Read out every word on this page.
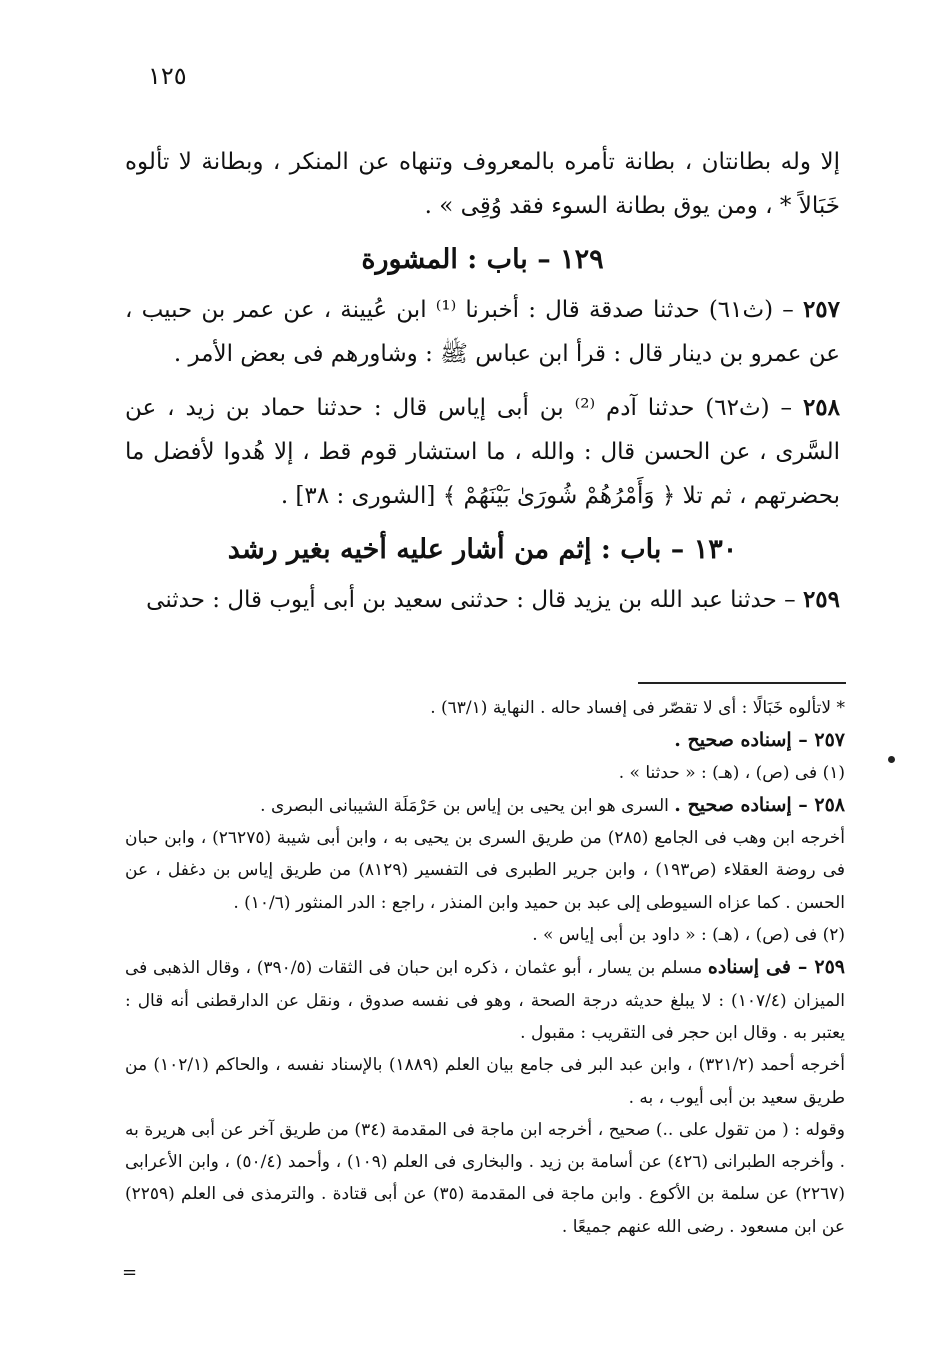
١٢٥

إلا وله بطانتان ، بطانة تأمره بالمعروف وتنهاه عن المنكر ، وبطانة لا تألوه خَبَالاً * ، ومن يوق بطانة السوء فقد وُقِى » .

١٢٩ – باب : المشورة

٢٥٧ – (ث٦١) حدثنا صدقة قال : أخبرنا ⁽¹⁾ ابن عُيينة ، عن عمر بن حبيب ، عن عمرو بن دينار قال : قرأ ابن عباس ﷺ : وشاورهم فى بعض الأمر .

٢٥٨ – (ث٦٢) حدثنا آدم ⁽²⁾ بن أبى إياس قال : حدثنا حماد بن زيد ، عن السَّرى ، عن الحسن قال : والله ، ما استشار قوم قط ، إلا هُدوا لأفضل ما بحضرتهم ، ثم تلا ﴿ وَأَمْرُهُمْ شُورَىٰ بَيْنَهُمْ ﴾ [الشورى : ٣٨] .

١٣٠ – باب : إثم من أشار عليه أخيه بغير رشد

٢٥٩ – حدثنا عبد الله بن يزيد قال : حدثنى سعيد بن أبى أيوب قال : حدثنى

* لاتألوه خَبَالًا : أى لا تقصّر فى إفساد حاله . النهاية (٦٣/١) .

٢٥٧ – إسناده صحيح .

(١) فى (ص) ، (هـ) : « حدثنا » .

٢٥٨ – إسناده صحيح . السرى هو ابن يحيى بن إياس بن حَرْمَلَة الشيبانى البصرى .

أخرجه ابن وهب فى الجامع (٢٨٥) من طريق السرى بن يحيى به ، وابن أبى شيبة (٢٦٢٧٥) ، وابن حبان فى روضة العقلاء (ص١٩٣) ، وابن جرير الطبرى فى التفسير (٨١٢٩) من طريق إياس بن دغفل ، عن الحسن . كما عزاه السيوطى إلى عبد بن حميد وابن المنذر ، راجع : الدر المنثور (١٠/٦) .

(٢) فى (ص) ، (هـ) : « داود بن أبى إياس » .

٢٥٩ – فى إسناده مسلم بن يسار ، أبو عثمان ، ذكره ابن حبان فى الثقات (٣٩٠/٥) ، وقال الذهبى فى الميزان (١٠٧/٤) : لا يبلغ حديثه درجة الصحة ، وهو فى نفسه صدوق ، ونقل عن الدارقطنى أنه قال : يعتبر به . وقال ابن حجر فى التقريب : مقبول .

أخرجه أحمد (٣٢١/٢) ، وابن عبد البر فى جامع بيان العلم (١٨٨٩) بالإسناد نفسه ، والحاكم (١٠٢/١) من طريق سعيد بن أبى أيوب ، به .

وقوله : ( من تقول على ..) صحيح ، أخرجه ابن ماجة فى المقدمة (٣٤) من طريق آخر عن أبى هريرة به . وأخرجه الطبرانى (٤٢٦) عن أسامة بن زيد . والبخارى فى العلم (١٠٩) ، وأحمد (٥٠/٤) ، وابن الأعرابى (٢٢٦٧) عن سلمة بن الأكوع . وابن ماجة فى المقدمة (٣٥) عن أبى قتادة . والترمذى فى العلم (٢٢٥٩) عن ابن مسعود . رضى الله عنهم جميعًا .

=
